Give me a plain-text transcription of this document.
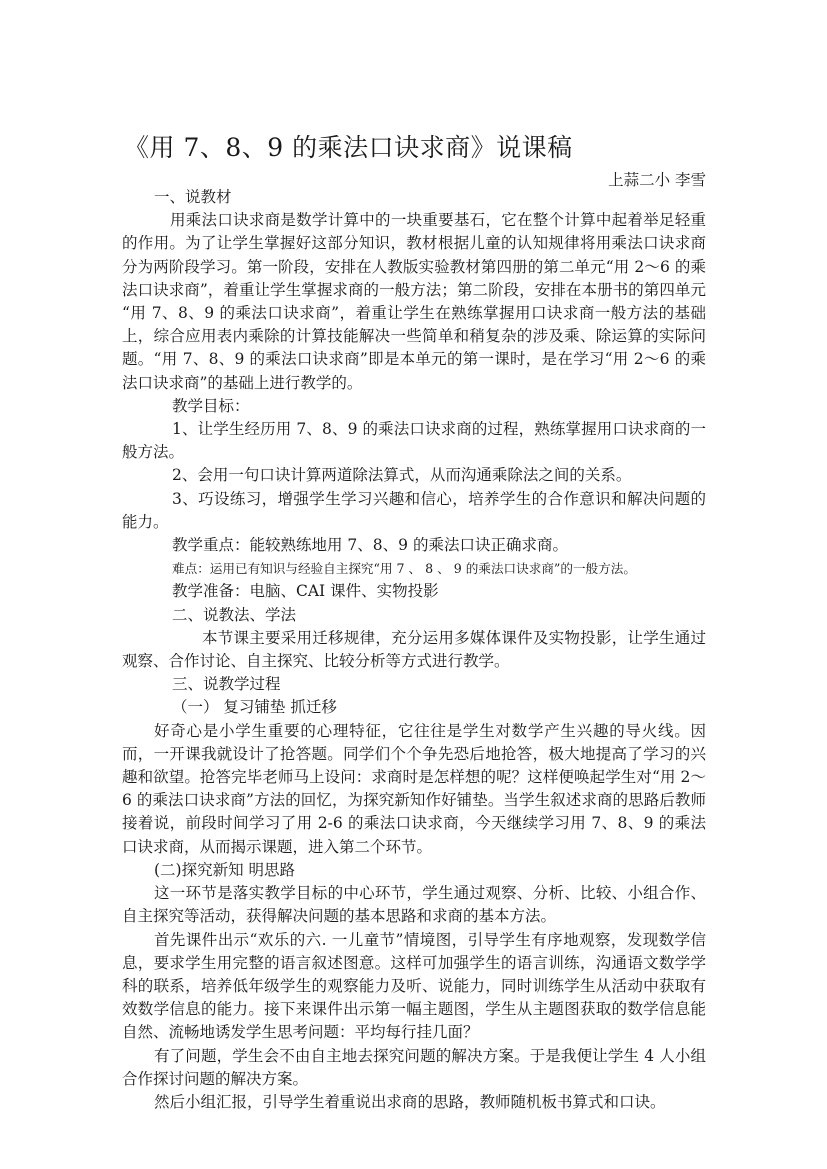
《用 7、8、9 的乘法口诀求商》说课稿
上蒜二小 李雪

一、说教材

用乘法口诀求商是数学计算中的一块重要基石，它在整个计算中起着举足轻重的作用。为了让学生掌握好这部分知识，教材根据儿童的认知规律将用乘法口诀求商分为两阶段学习。第一阶段，安排在人教版实验教材第四册的第二单元“用 2～6 的乘法口诀求商”，着重让学生掌握求商的一般方法；第二阶段，安排在本册书的第四单元 “用 7、8、9 的乘法口诀求商”，着重让学生在熟练掌握用口诀求商一般方法的基础上，综合应用表内乘除的计算技能解决一些简单和稍复杂的涉及乘、除运算的实际问题。“用 7、8、9 的乘法口诀求商”即是本单元的第一课时，是在学习“用 2～6 的乘法口诀求商”的基础上进行教学的。

教学目标：

1、让学生经历用 7、8、9 的乘法口诀求商的过程，熟练掌握用口诀求商的一般方法。

2、会用一句口诀计算两道除法算式，从而沟通乘除法之间的关系。

3、巧设练习，增强学生学习兴趣和信心，培养学生的合作意识和解决问题的能力。

教学重点：能较熟练地用 7、8、9 的乘法口诀正确求商。

难点：运用已有知识与经验自主探究“用 7 、 8 、 9 的乘法口诀求商”的一般方法。

教学准备：电脑、CAI 课件、实物投影

二、说教法、学法

本节课主要采用迁移规律，充分运用多媒体课件及实物投影，让学生通过观察、合作讨论、自主探究、比较分析等方式进行教学。

三、说教学过程

（一） 复习铺垫 抓迁移

好奇心是小学生重要的心理特征，它往往是学生对数学产生兴趣的导火线。因而，一开课我就设计了抢答题。同学们个个争先恐后地抢答，极大地提高了学习的兴趣和欲望。抢答完毕老师马上设问：求商时是怎样想的呢？这样便唤起学生对“用 2～6 的乘法口诀求商”方法的回忆，为探究新知作好铺垫。当学生叙述求商的思路后教师接着说，前段时间学习了用 2-6 的乘法口诀求商，今天继续学习用 7、8、9 的乘法口诀求商，从而揭示课题，进入第二个环节。

(二)探究新知 明思路

这一环节是落实教学目标的中心环节，学生通过观察、分析、比较、小组合作、自主探究等活动，获得解决问题的基本思路和求商的基本方法。

首先课件出示“欢乐的六. 一儿童节”情境图，引导学生有序地观察，发现数学信息，要求学生用完整的语言叙述图意。这样可加强学生的语言训练，沟通语文数学学科的联系，培养低年级学生的观察能力及听、说能力，同时训练学生从活动中获取有效数学信息的能力。接下来课件出示第一幅主题图，学生从主题图获取的数学信息能自然、流畅地诱发学生思考问题：平均每行挂几面？

有了问题，学生会不由自主地去探究问题的解决方案。于是我便让学生 4 人小组合作探讨问题的解决方案。

然后小组汇报，引导学生着重说出求商的思路，教师随机板书算式和口诀。
